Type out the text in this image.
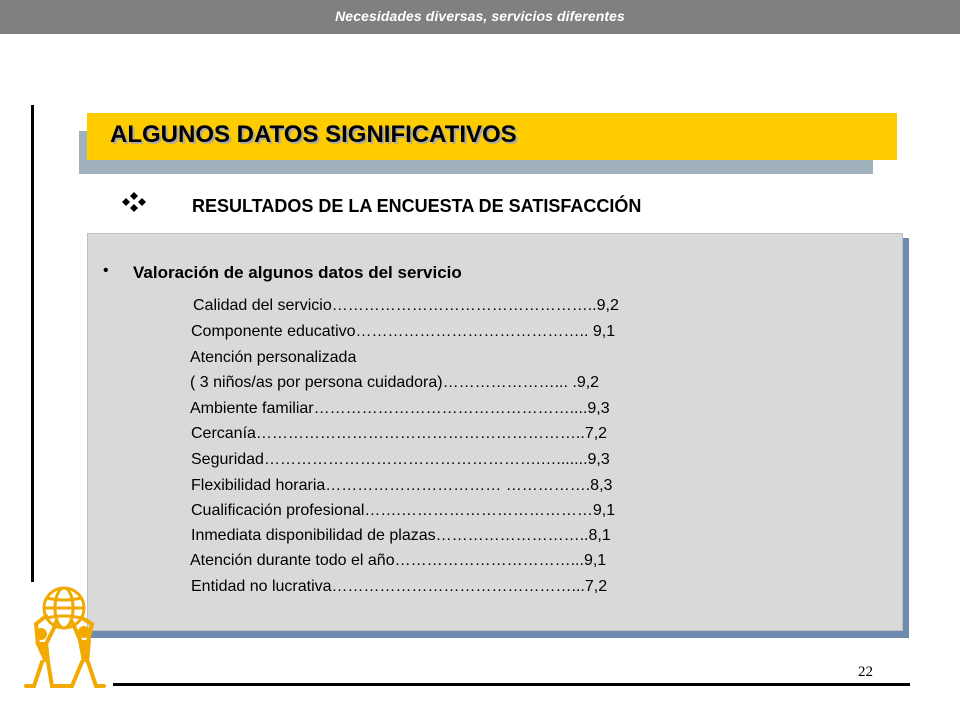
Necesidades diversas, servicios diferentes
ALGUNOS DATOS SIGNIFICATIVOS
RESULTADOS DE LA ENCUESTA DE SATISFACCIÓN
• Valoración de algunos datos del servicio
Calidad del servicio…………………………………………..9,2
Componente educativo…………………………………….. 9,1
Atención personalizada
( 3 niños/as por persona cuidadora)…………………... .9,2
Ambiente familiar…………………………………………....9,3
Cercanía……………………………………………………..7,2
Seguridad…………………………………………….….......9,3
Flexibilidad horaria…………………………… …………….8,3
Cualificación profesional…….………………………………9,1
Inmediata disponibilidad de plazas………………………..8,1
Atención durante todo el año……………………………...9,1
Entidad no lucrativa………………………………………...7,2
22
